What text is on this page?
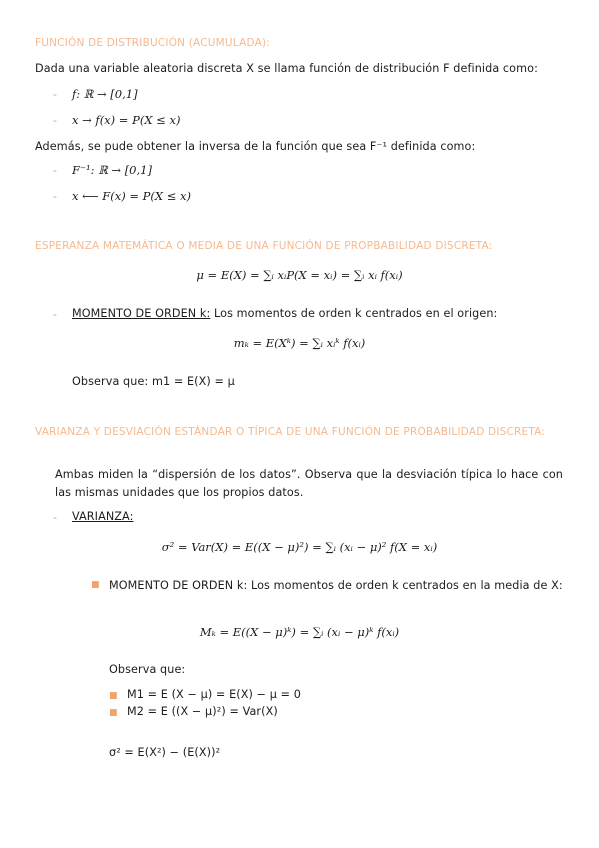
FUNCIÓN DE DISTRIBUCIÓN (ACUMULADA):
Dada una variable aleatoria discreta X se llama función de distribución F definida como:
- f: ℝ → [0,1]
- x → f(x) = P(X ≤ x)
Además, se pude obtener la inversa de la función que sea F⁻¹ definida como:
- F⁻¹: ℝ → [0,1]
- x ⟵ F(x) = P(X ≤ x)
ESPERANZA MATEMÁTICA O MEDIA DE UNA FUNCIÓN DE PROPBABILIDAD DISCRETA:
μ = E(X) = ∑ᵢ xᵢP(X = xᵢ) = ∑ᵢ xᵢ f(xᵢ)
- MOMENTO DE ORDEN k: Los momentos de orden k centrados en el origen:
mₖ = E(Xᵏ) = ∑ᵢ xᵢᵏ f(xᵢ)
Observa que: m1 = E(X) = μ
VARIANZA Y DESVIACIÓN ESTÁNDAR O TÍPICA DE UNA FUNCIÓN DE PROBABILIDAD DISCRETA:
Ambas miden la “dispersión de los datos”. Observa que la desviación típica lo hace con las mismas unidades que los propios datos.
- VARIANZA:
σ² = Var(X) = E((X − μ)²) = ∑ᵢ (xᵢ − μ)² f(X = xᵢ)
■ MOMENTO DE ORDEN k: Los momentos de orden k centrados en la media de X:
Mₖ = E((X − μ)ᵏ) = ∑ᵢ (xᵢ − μ)ᵏ f(xᵢ)
Observa que:
■ M1 = E (X − μ) = E(X) − μ = 0
■ M2 = E ((X − μ)²) = Var(X)
σ² = E(X²) − (E(X))²
